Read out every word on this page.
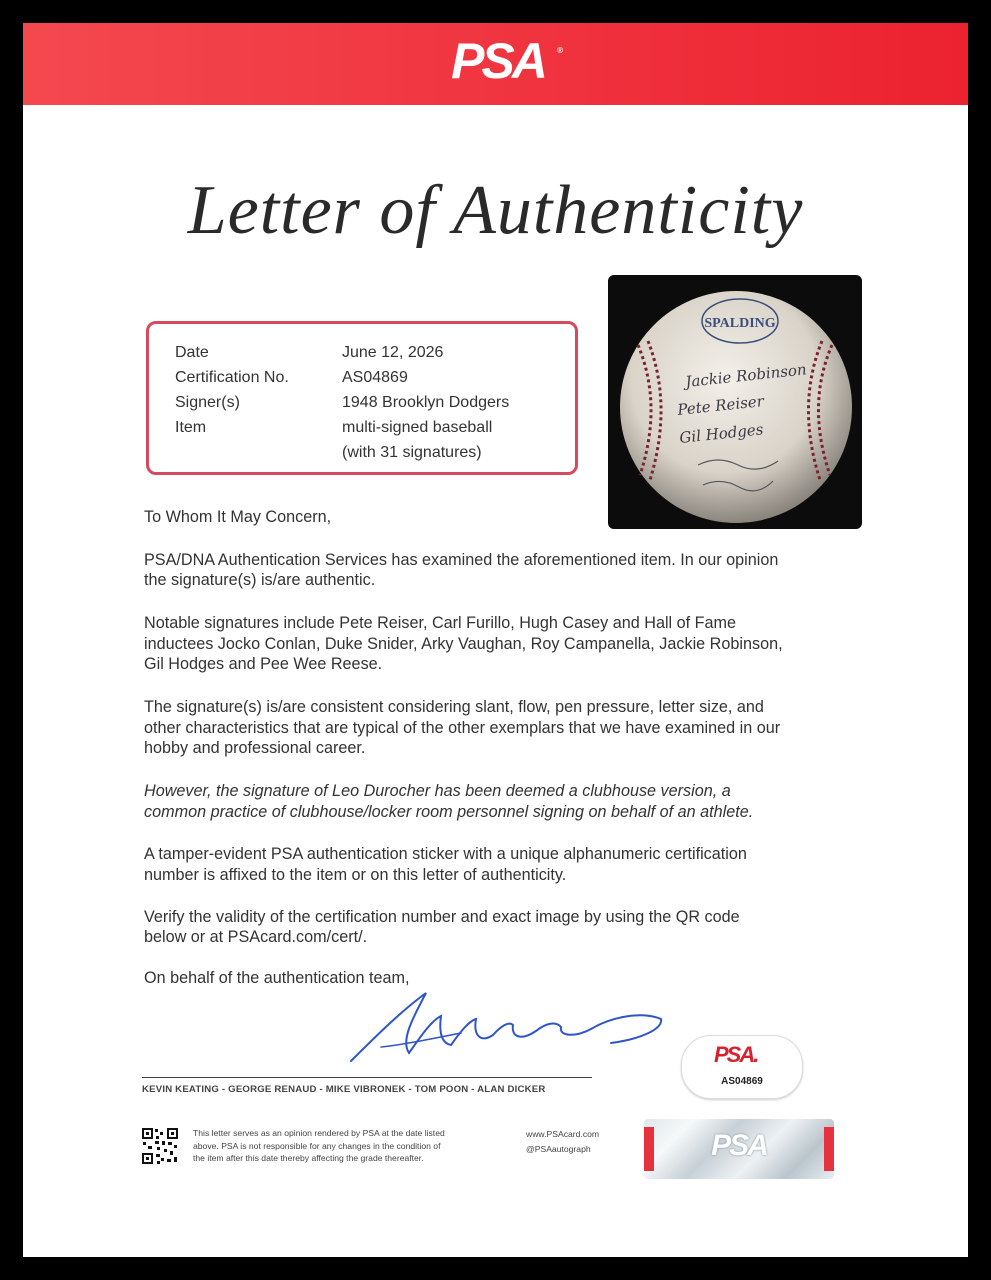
PSA ®
Letter of Authenticity
Date	June 12, 2026
Certification No.	AS04869
Signer(s)	1948 Brooklyn Dodgers
Item	multi-signed baseball
(with 31 signatures)
SPALDING
Jackie Robinson
Pete Reiser
Gil Hodges
To Whom It May Concern,
PSA/DNA Authentication Services has examined the aforementioned item. In our opinion
the signature(s) is/are authentic.
Notable signatures include Pete Reiser, Carl Furillo, Hugh Casey and Hall of Fame
inductees Jocko Conlan, Duke Snider, Arky Vaughan, Roy Campanella, Jackie Robinson,
Gil Hodges and Pee Wee Reese.
The signature(s) is/are consistent considering slant, flow, pen pressure, letter size, and
other characteristics that are typical of the other exemplars that we have examined in our
hobby and professional career.
However, the signature of Leo Durocher has been deemed a clubhouse version, a
common practice of clubhouse/locker room personnel signing on behalf of an athlete.
A tamper-evident PSA authentication sticker with a unique alphanumeric certification
number is affixed to the item or on this letter of authenticity.
Verify the validity of the certification number and exact image by using the QR code
below or at PSAcard.com/cert/.
On behalf of the authentication team,
KEVIN KEATING - GEORGE RENAUD - MIKE VIBRONEK - TOM POON - ALAN DICKER
PSA.
AS04869
This letter serves as an opinion rendered by PSA at the date listed
above. PSA is not responsible for any changes in the condition of
the item after this date thereby affecting the grade thereafter.
www.PSAcard.com
@PSAautograph	PSA
